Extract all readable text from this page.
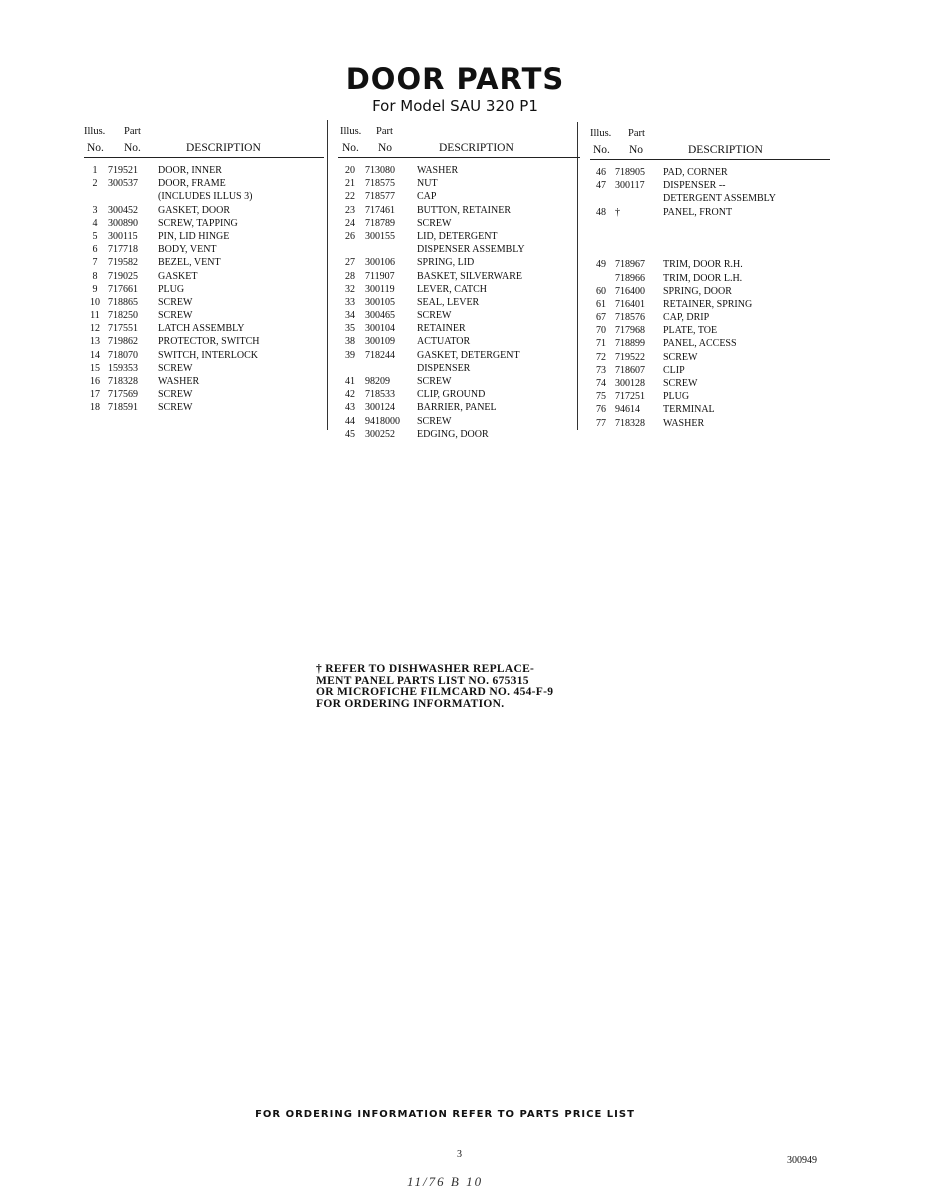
DOOR PARTS
For Model SAU 320 P1
Illus. Part
No. No.	DESCRIPTION
1	719521	DOOR, INNER
2	300537	DOOR, FRAME
(INCLUDES ILLUS 3)
3	300452	GASKET, DOOR
4	300890	SCREW, TAPPING
5	300115	PIN, LID HINGE
6	717718	BODY, VENT
7	719582	BEZEL, VENT
8	719025	GASKET
9	717661	PLUG
10 718865	SCREW
11 718250	SCREW
12 717551	LATCH ASSEMBLY
13 719862	PROTECTOR, SWITCH
14 718070	SWITCH, INTERLOCK
15 159353	SCREW
16 718328	WASHER
17 717569	SCREW
18 718591	SCREW
Illus. Part
No. No	DESCRIPTION
20	713080	WASHER
21	718575	NUT
22	718577	CAP
23	717461	BUTTON, RETAINER
24	718789	SCREW
26	300155	LID, DETERGENT
DISPENSER ASSEMBLY
27	300106	SPRING, LID
28	711907	BASKET, SILVERWARE
32	300119	LEVER, CATCH
33	300105	SEAL, LEVER
34	300465	SCREW
35	300104	RETAINER
38	300109	ACTUATOR
39	718244	GASKET, DETERGENT
DISPENSER
41	98209	SCREW
42	718533	CLIP, GROUND
43	300124	BARRIER, PANEL
44	9418000	SCREW
45	300252	EDGING, DOOR
Illus. Part
No. No	DESCRIPTION
46 718905	PAD, CORNER
47 300117	DISPENSER --
DETERGENT ASSEMBLY
48 †	PANEL, FRONT
49 718967	TRIM, DOOR R.H.
718966	TRIM, DOOR L.H.
60 716400	SPRING, DOOR
61 716401	RETAINER, SPRING
67 718576	CAP, DRIP
70 717968	PLATE, TOE
71 718899	PANEL, ACCESS
72 719522	SCREW
73 718607	CLIP
74 300128	SCREW
75 717251	PLUG
76 94614	TERMINAL
77 718328	WASHER
† REFER TO DISHWASHER REPLACE-
MENT PANEL PARTS LIST NO. 675315
OR MICROFICHE FILMCARD NO. 454-F-9
FOR ORDERING INFORMATION.
FOR ORDERING INFORMATION REFER TO PARTS PRICE LIST
3
300949
11/76 B 10
